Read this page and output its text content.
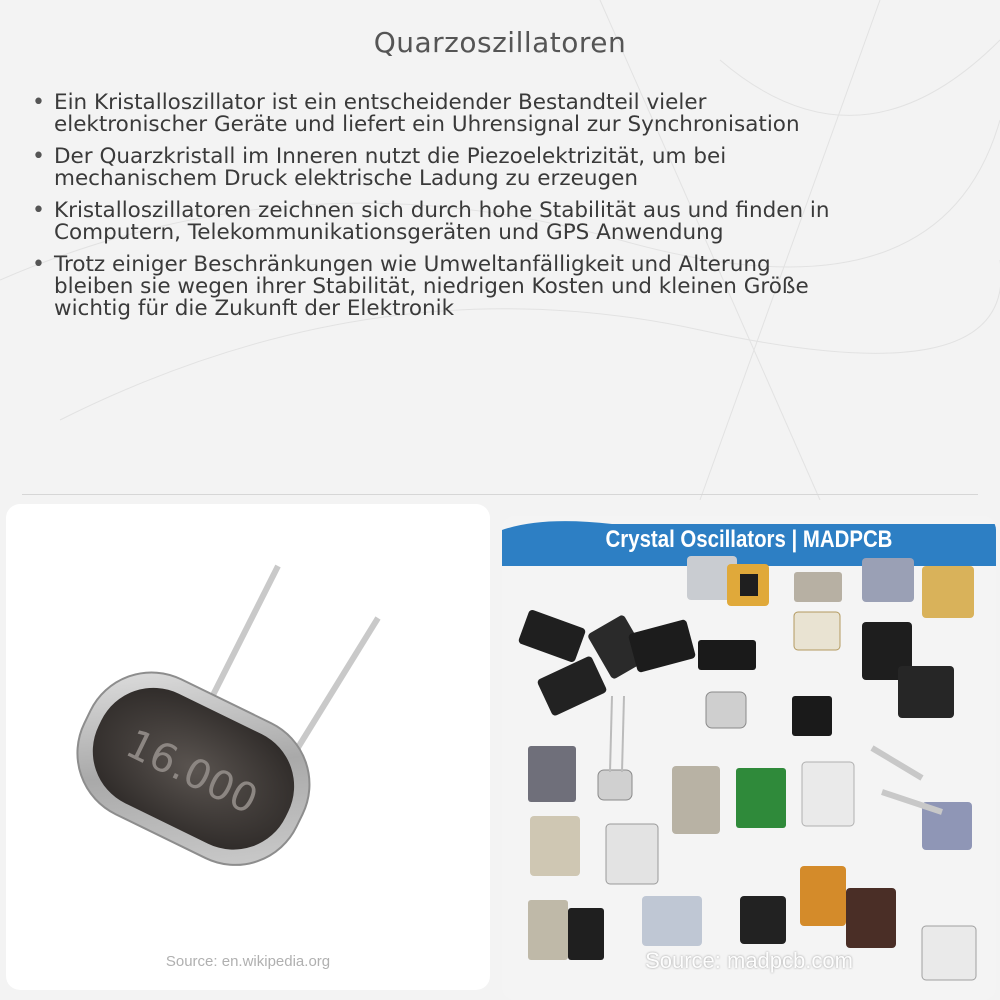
Quarzoszillatoren
• Ein Kristalloszillator ist ein entscheidender Bestandteil vieler
elektronischer Geräte und liefert ein Uhrensignal zur Synchronisation
• Der Quarzkristall im Inneren nutzt die Piezoelektrizität, um bei
mechanischem Druck elektrische Ladung zu erzeugen
• Kristalloszillatoren zeichnen sich durch hohe Stabilität aus und finden in
Computern, Telekommunikationsgeräten und GPS Anwendung
• Trotz einiger Beschränkungen wie Umweltanfälligkeit und Alterung
bleiben sie wegen ihrer Stabilität, niedrigen Kosten und kleinen Größe
wichtig für die Zukunft der Elektronik
16.000
Source: en.wikipedia.org
Crystal Oscillators | MADPCB
Source: madpcb.com
